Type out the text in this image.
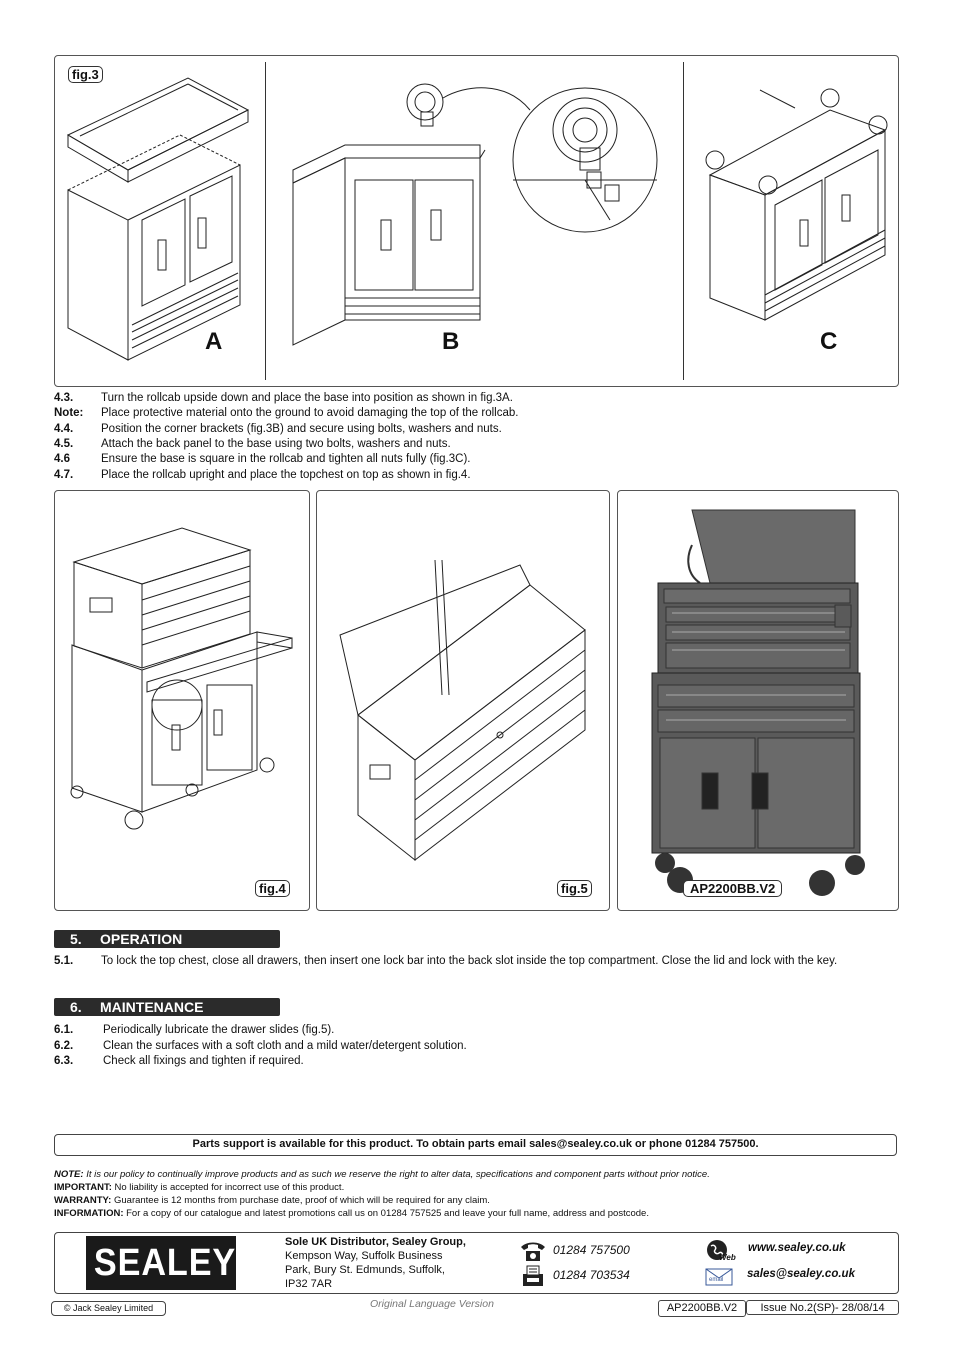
fig.3
A	B	C
4.3. Turn the rollcab upside down and place the base into position as shown in fig.3A.
Note: Place protective material onto the ground to avoid damaging the top of the rollcab.
4.4. Position the corner brackets (fig.3B) and secure using bolts, washers and nuts.
4.5. Attach the back panel to the base using two bolts, washers and nuts.
4.6	Ensure the base is square in the rollcab and tighten all nuts fully (fig.3C).
4.7. Place the rollcab upright and place the topchest on top as shown in fig.4.
fig.4	fig.5	AP2200BB.V2
5. OPERATION
5.1. To lock the top chest, close all drawers, then insert one lock bar into the back slot inside the top compartment. Close the lid and lock with the key.
6. MAINTENANCE
6.1.	Periodically lubricate the drawer slides (fig.5).
6.2.	Clean the surfaces with a soft cloth and a mild water/detergent solution.
6.3.	Check all fixings and tighten if required.
Parts support is available for this product. To obtain parts email sales@sealey.co.uk or phone 01284 757500.
NOTE: It is our policy to continually improve products and as such we reserve the right to alter data, specifications and component parts without prior notice.
IMPORTANT: No liability is accepted for incorrect use of this product.
WARRANTY: Guarantee is 12 months from purchase date, proof of which will be required for any claim.
INFORMATION: For a copy of our catalogue and latest promotions call us on 01284 757525 and leave your full name, address and postcode.
SEALEY	Sole UK Distributor, Sealey Group,
Kempson Way, Suffolk Business
Park, Bury St. Edmunds, Suffolk,
IP32 7AR
01284 757500
01284 703534
Web
www.sealey.co.uk
email sales@sealey.co.uk
© Jack Sealey Limited	Original Language Version	AP2200BB.V2	Issue No.2(SP)- 28/08/14
